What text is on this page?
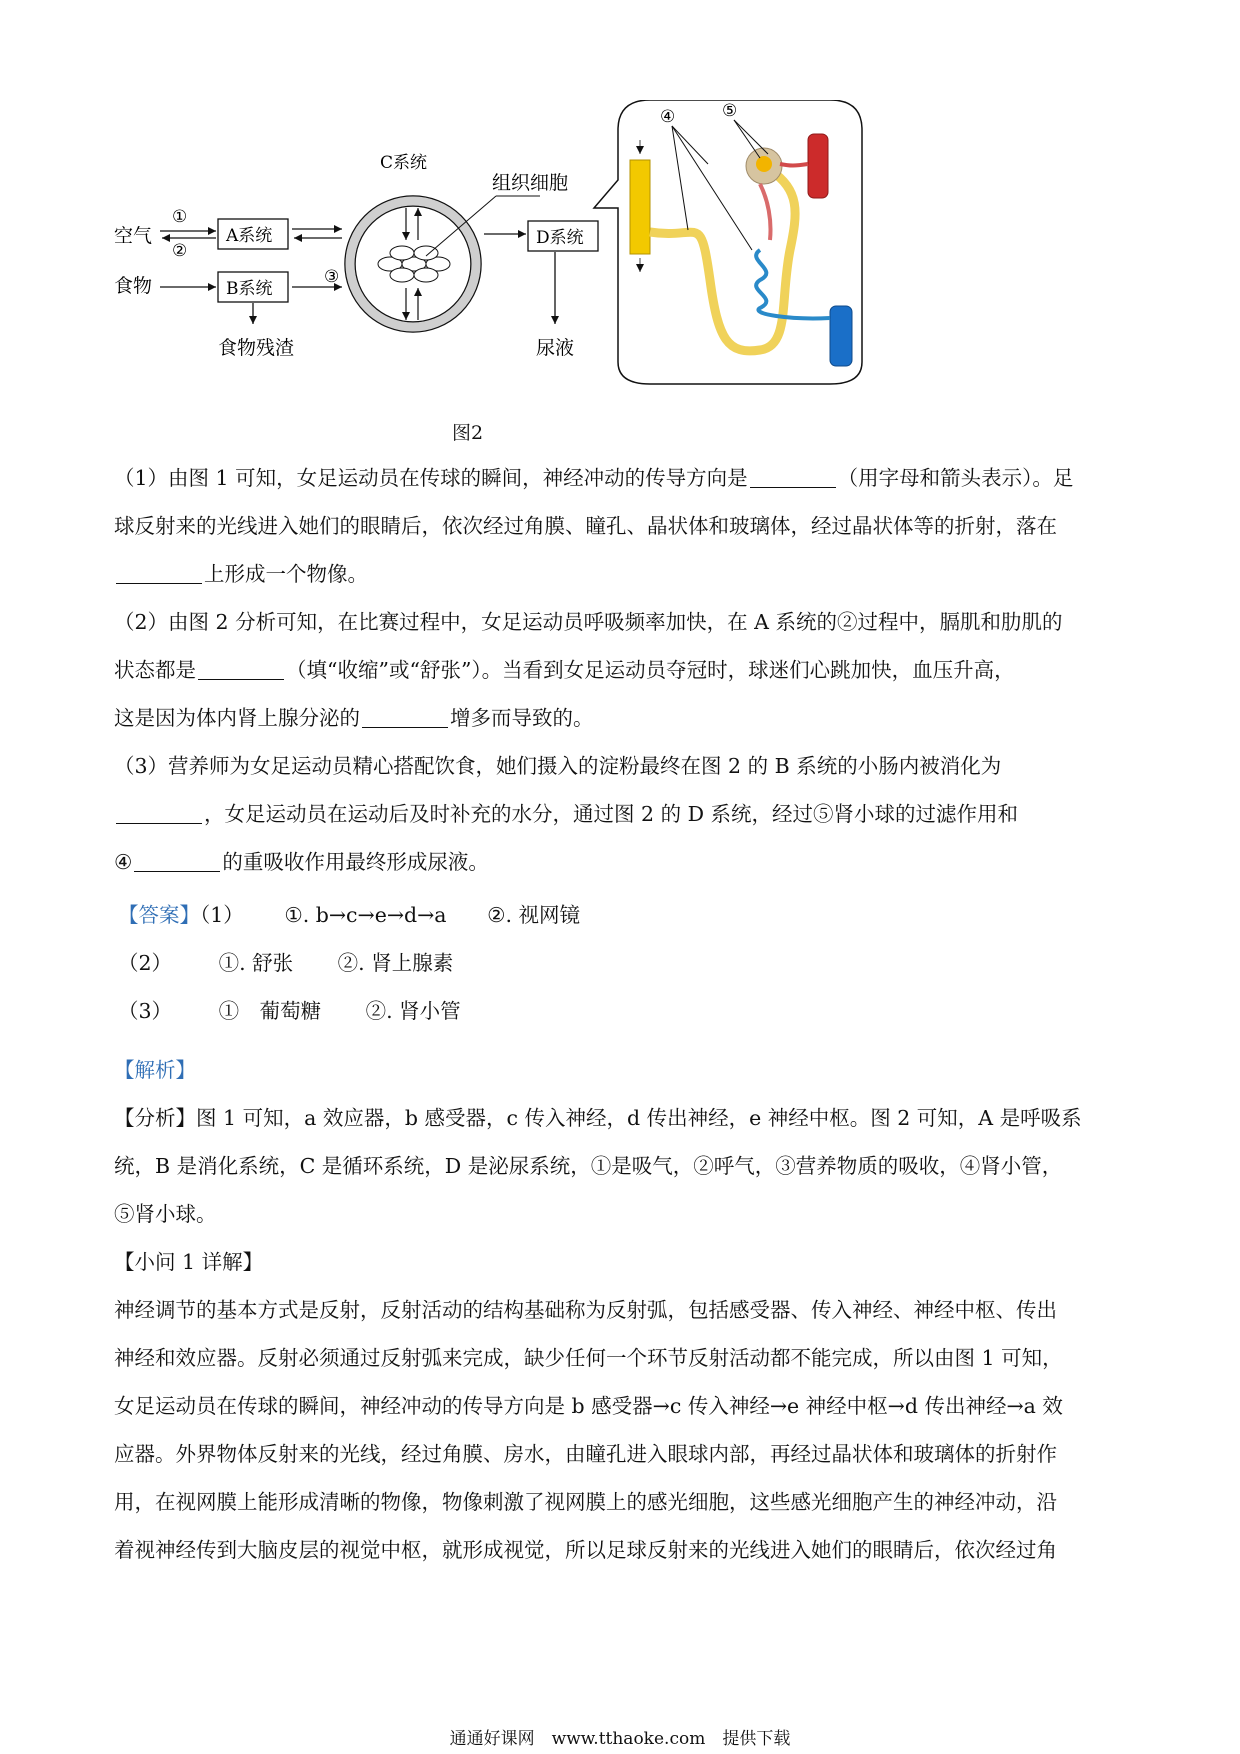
空气
食物
①
②
③
A系统
B系统
食物残渣
C系统
组织细胞
D系统
尿液
④	⑤
图2
（1）由图 1 可知，女足运动员在传球的瞬间，神经冲动的传导方向是	（用字母和箭头表示）。足
球反射来的光线进入她们的眼睛后，依次经过角膜、瞳孔、晶状体和玻璃体，经过晶状体等的折射，落在
上形成一个物像。
（2）由图 2 分析可知，在比赛过程中，女足运动员呼吸频率加快，在 A 系统的②过程中，膈肌和肋肌的
状态都是	（填“收缩”或“舒张”）。当看到女足运动员夺冠时，球迷们心跳加快，血压升高，
这是因为体内肾上腺分泌的	增多而导致的。
（3）营养师为女足运动员精心搭配饮食，她们摄入的淀粉最终在图 2 的 B 系统的小肠内被消化为
，女足运动员在运动后及时补充的水分，通过图 2 的 D 系统，经过⑤肾小球的过滤作用和
④	的重吸收作用最终形成尿液。
【答案】（1） ①. b→c→e→d→a ②. 视网镜
（2） ①. 舒张 ②. 肾上腺素
（3） ①　葡萄糖 ②. 肾小管
【解析】
【分析】图 1 可知，a 效应器，b 感受器，c 传入神经，d 传出神经，e 神经中枢。图 2 可知，A 是呼吸系
统，B 是消化系统，C 是循环系统，D 是泌尿系统，①是吸气，②呼气，③营养物质的吸收，④肾小管，
⑤肾小球。
【小问 1 详解】
神经调节的基本方式是反射，反射活动的结构基础称为反射弧，包括感受器、传入神经、神经中枢、传出
神经和效应器。反射必须通过反射弧来完成，缺少任何一个环节反射活动都不能完成，所以由图 1 可知，
女足运动员在传球的瞬间，神经冲动的传导方向是 b 感受器→c 传入神经→e 神经中枢→d 传出神经→a 效
应器。外界物体反射来的光线，经过角膜、房水，由瞳孔进入眼球内部，再经过晶状体和玻璃体的折射作
用，在视网膜上能形成清晰的物像，物像刺激了视网膜上的感光细胞，这些感光细胞产生的神经冲动，沿
着视神经传到大脑皮层的视觉中枢，就形成视觉，所以足球反射来的光线进入她们的眼睛后，依次经过角
通通好课网　www.tthaoke.com　提供下载
